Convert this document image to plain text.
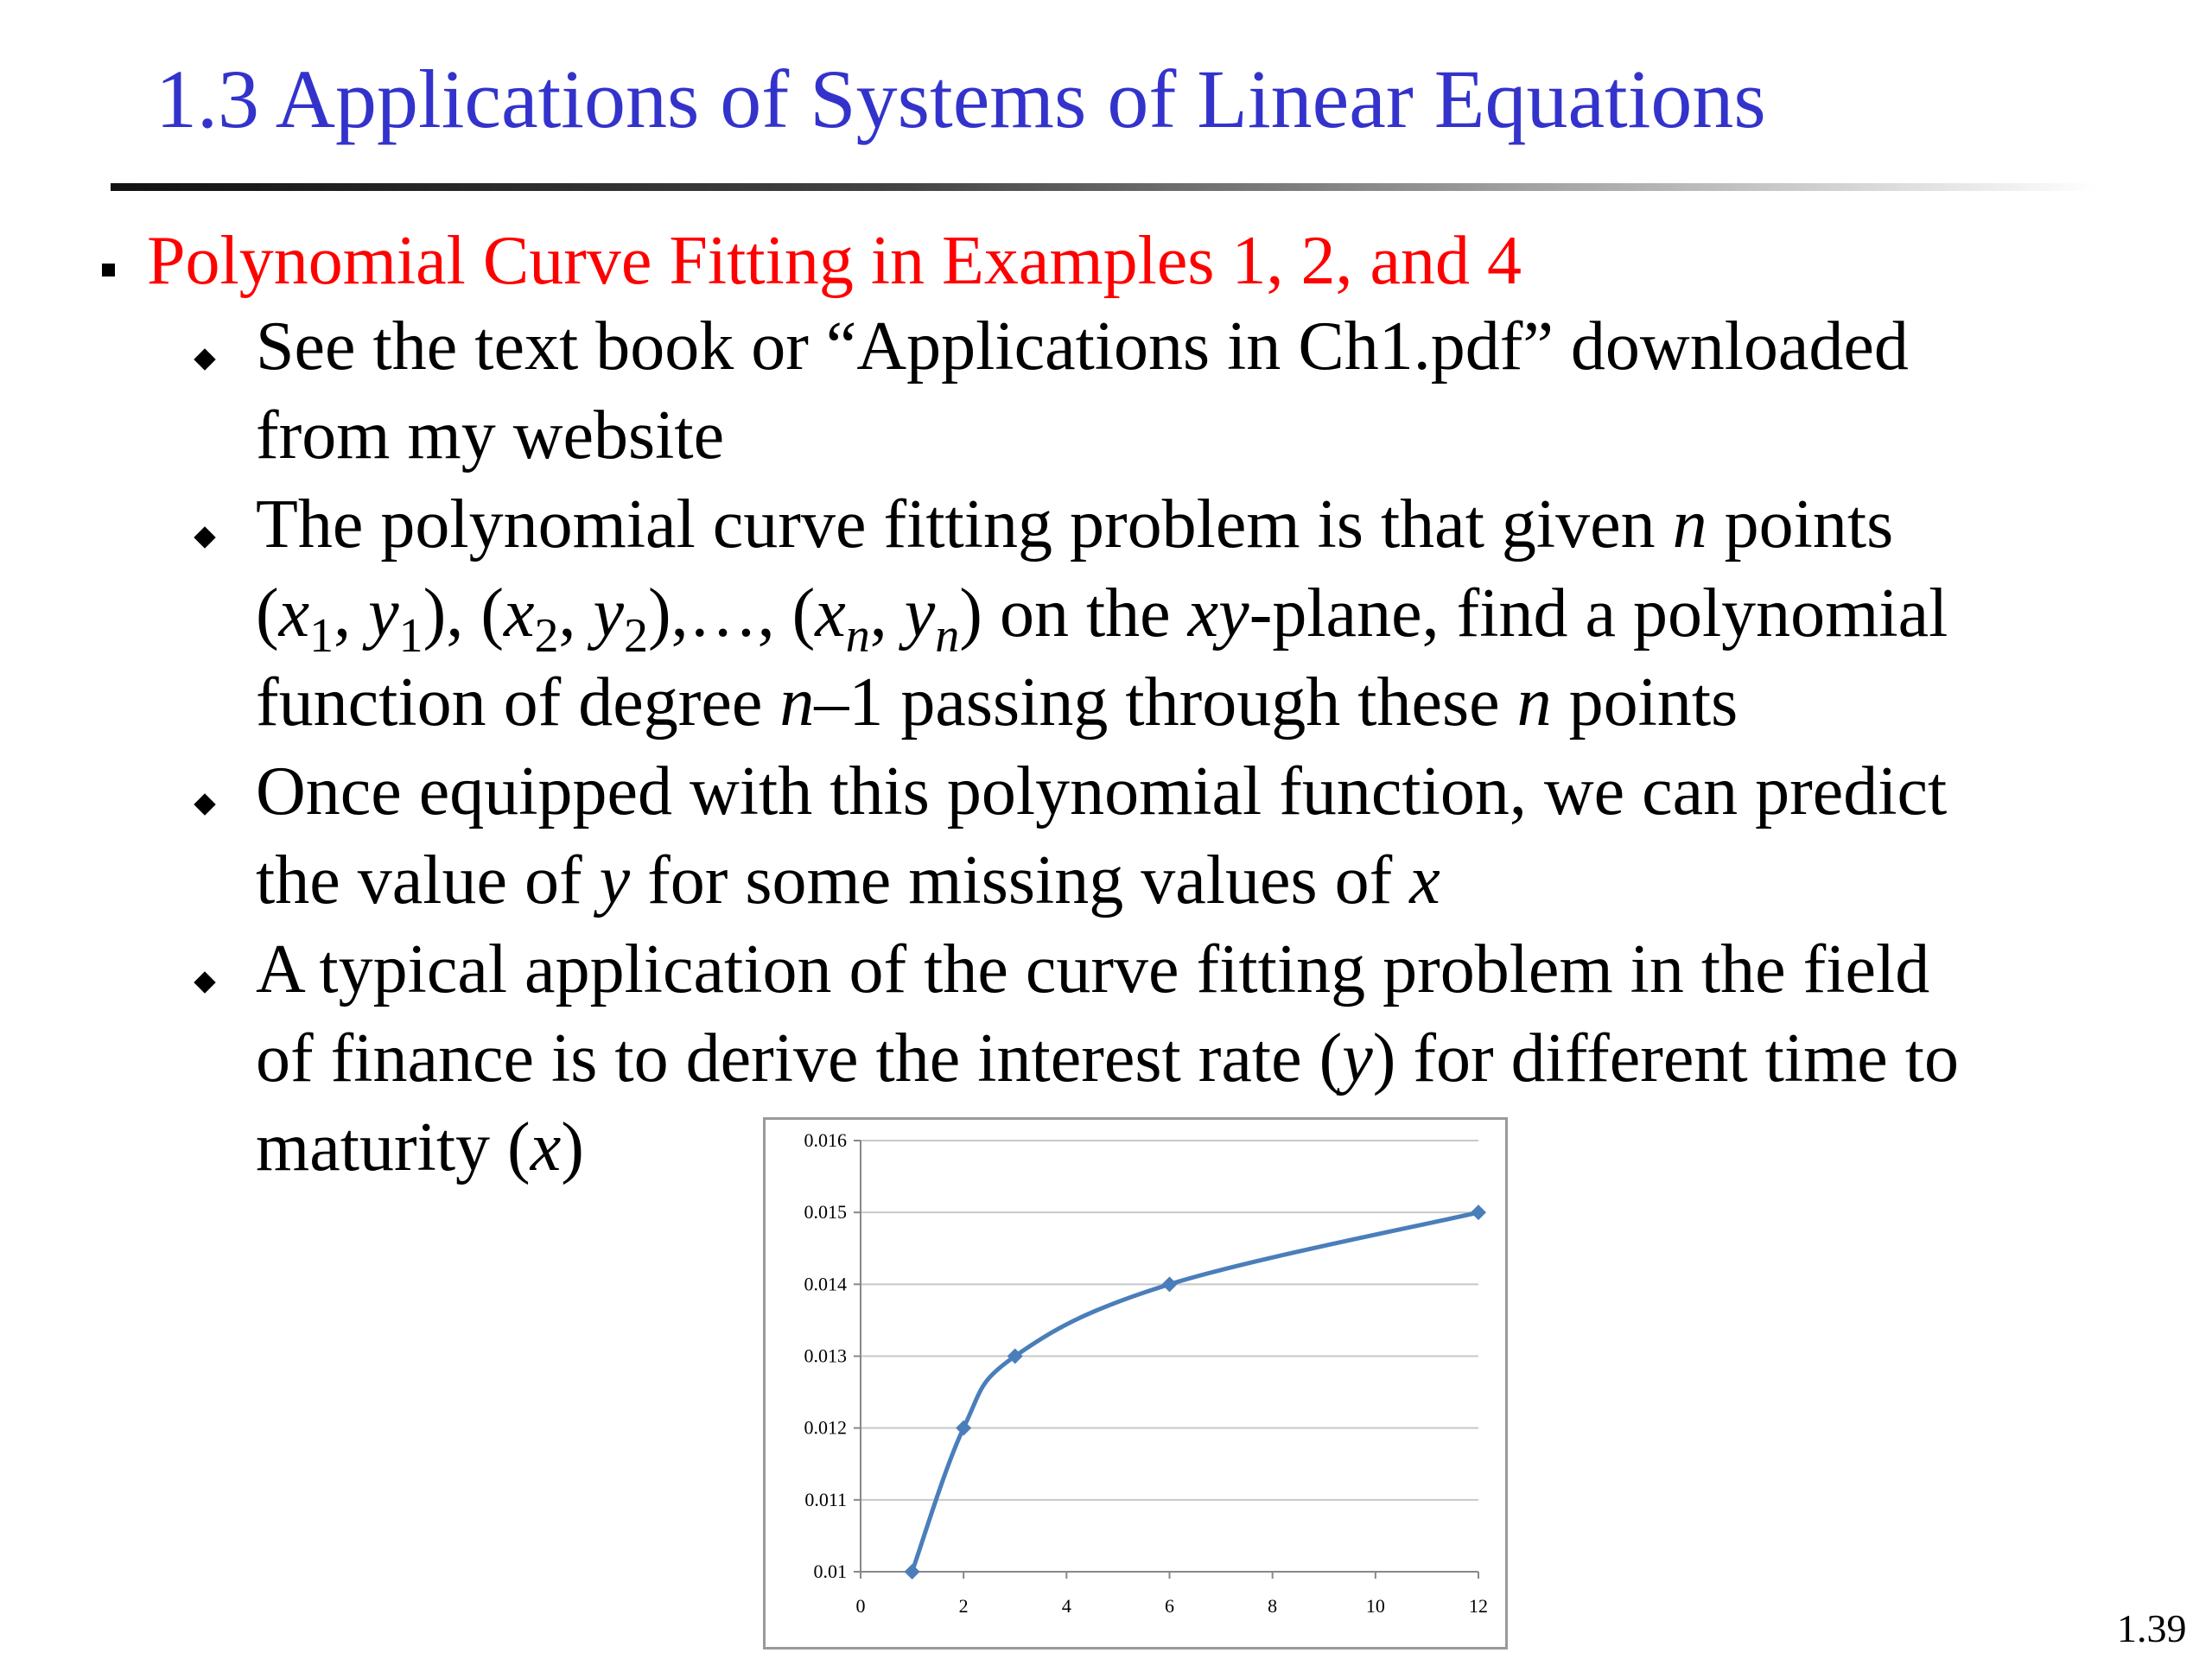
1.3 Applications of Systems of Linear Equations
Polynomial Curve Fitting in Examples 1, 2, and 4
See the text book or “Applications in Ch1.pdf” downloaded
from my website
The polynomial curve fitting problem is that given n points
($x_1$, $y_1$), ($x_2$, $y_2),\dots$, ($x_n$, $y_n$) on the xy-plane, find a polynomial
function of degree n–1 passing through these n points
Once equipped with this polynomial function, we can predict
the value of y for some missing values of x
A typical application of the curve fitting problem in the field
of finance is to derive the interest rate (y) for different time to
maturity (x)
0.01
0.011
0.012
0.013
0.014
0.015
0.016
0	2	4	6	8	10	12
1.39
